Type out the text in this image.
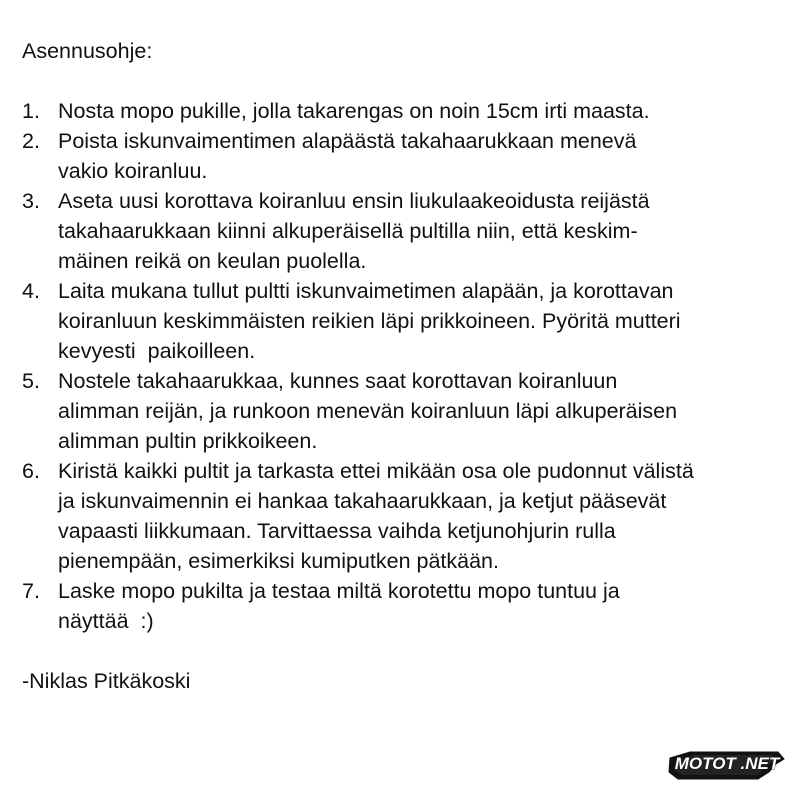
Asennusohje:
1. Nosta mopo pukille, jolla takarengas on noin 15cm irti maasta.
2. Poista iskunvaimentimen alapäästä takahaarukkaan menevä
vakio koiranluu.
3. Aseta uusi korottava koiranluu ensin liukulaakeoidusta reijästä
takahaarukkaan kiinni alkuperäisellä pultilla niin, että keskim-
mäinen reikä on keulan puolella.
4. Laita mukana tullut pultti iskunvaimetimen alapään, ja korottavan
koiranluun keskimmäisten reikien läpi prikkoineen. Pyöritä mutteri
kevyesti  paikoilleen.
5. Nostele takahaarukkaa, kunnes saat korottavan koiranluun
alimman reijän, ja runkoon menevän koiranluun läpi alkuperäisen
alimman pultin prikkoikeen.
6. Kiristä kaikki pultit ja tarkasta ettei mikään osa ole pudonnut välistä
ja iskunvaimennin ei hankaa takahaarukkaan, ja ketjut pääsevät
vapaasti liikkumaan. Tarvittaessa vaihda ketjunohjurin rulla
pienempään, esimerkiksi kumiputken pätkään.
7. Laske mopo pukilta ja testaa miltä korotettu mopo tuntuu ja
näyttää  :)
-Niklas Pitkäkoski
MOTOT .NET
